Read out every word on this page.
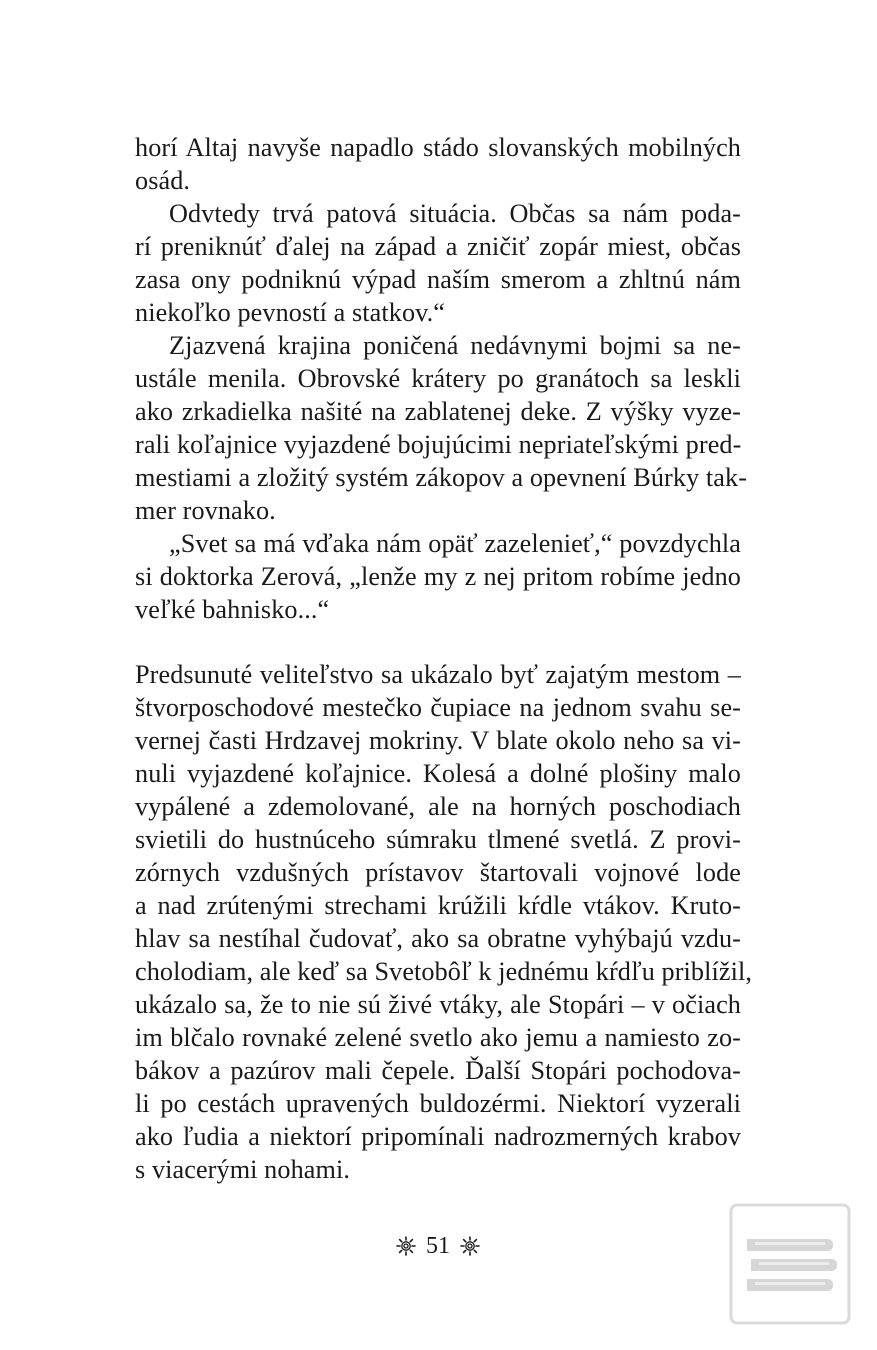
horí Altaj navyše napadlo stádo slovanských mobilných
osád.
Odvtedy trvá patová situácia. Občas sa nám poda-
rí preniknúť ďalej na západ a zničiť zopár miest, občas
zasa ony podniknú výpad naším smerom a zhltnú nám
niekoľko pevností a statkov.“
Zjazvená krajina poničená nedávnymi bojmi sa ne-
ustále menila. Obrovské krátery po granátoch sa leskli
ako zrkadielka našité na zablatenej deke. Z výšky vyze-
rali koľajnice vyjazdené bojujúcimi nepriateľskými pred-
mestiami a zložitý systém zákopov a opevnení Búrky tak-
mer rovnako.
„Svet sa má vďaka nám opäť zazelenieť,“ povzdychla
si doktorka Zerová, „lenže my z nej pritom robíme jedno
veľké bahnisko...“
Predsunuté veliteľstvo sa ukázalo byť zajatým mestom –
štvorposchodové mestečko čupiace na jednom svahu se-
vernej časti Hrdzavej mokriny. V blate okolo neho sa vi-
nuli vyjazdené koľajnice. Kolesá a dolné plošiny malo
vypálené a zdemolované, ale na horných poschodiach
svietili do hustnúceho súmraku tlmené svetlá. Z provi-
zórnych vzdušných prístavov štartovali vojnové lode
a nad zrútenými strechami krúžili kŕdle vtákov. Kruto-
hlav sa nestíhal čudovať, ako sa obratne vyhýbajú vzdu-
cholodiam, ale keď sa Svetobôľ k jednému kŕdľu priblížil,
ukázalo sa, že to nie sú živé vtáky, ale Stopári – v očiach
im blčalo rovnaké zelené svetlo ako jemu a namiesto zo-
bákov a pazúrov mali čepele. Ďalší Stopári pochodova-
li po cestách upravených buldozérmi. Niektorí vyzerali
ako ľudia a niektorí pripomínali nadrozmerných krabov
s viacerými nohami.
51
